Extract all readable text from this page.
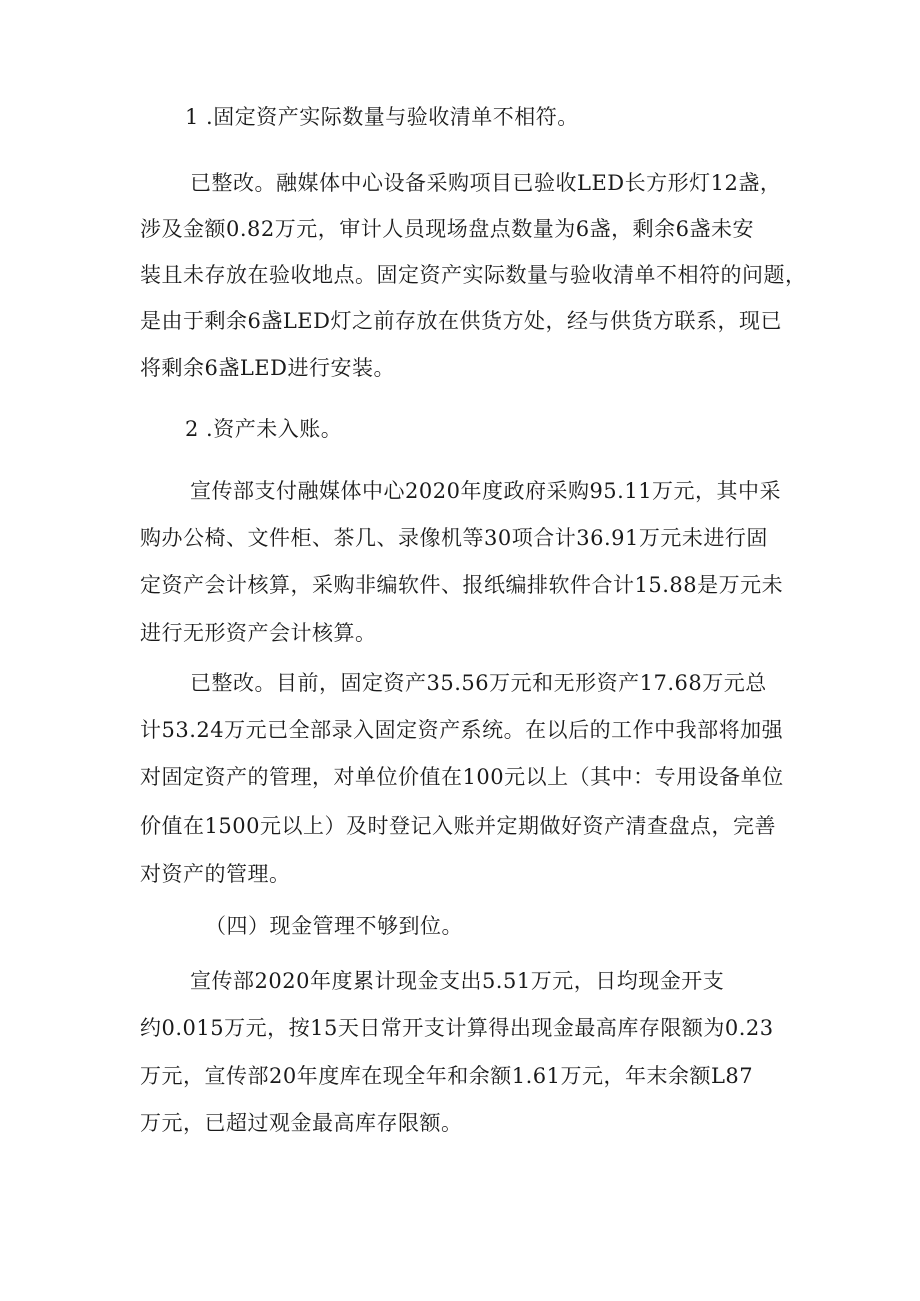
1 .固定资产实际数量与验收清单不相符。
已整改。融媒体中心设备采购项目已验收LED长方形灯12盏，
涉及金额0.82万元，审计人员现场盘点数量为6盏，剩余6盏未安
装且未存放在验收地点。固定资产实际数量与验收清单不相符的问题，
是由于剩余6盏LED灯之前存放在供货方处，经与供货方联系，现已
将剩余6盏LED进行安装。
2 .资产未入账。
宣传部支付融媒体中心2020年度政府采购95.11万元，其中采
购办公椅、文件柜、茶几、录像机等30项合计36.91万元未进行固
定资产会计核算，采购非编软件、报纸编排软件合计15.88是万元未
进行无形资产会计核算。
已整改。目前，固定资产35.56万元和无形资产17.68万元总
计53.24万元已全部录入固定资产系统。在以后的工作中我部将加强
对固定资产的管理，对单位价值在100元以上（其中：专用设备单位
价值在1500元以上）及时登记入账并定期做好资产清查盘点，完善
对资产的管理。
（四）现金管理不够到位。
宣传部2020年度累计现金支出5.51万元，日均现金开支
约0.015万元，按15天日常开支计算得出现金最高库存限额为0.23
万元，宣传部20年度库在现全年和余额1.61万元，年末余额L87
万元，已超过观金最高库存限额。
